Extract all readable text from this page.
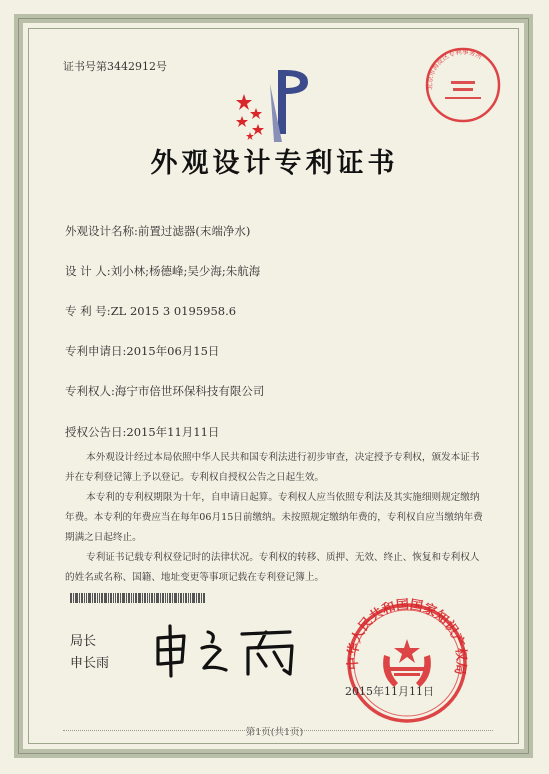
证书号第3442912号
外观设计专利证书
外观设计名称:前置过滤器(末端净水)
设 计 人:刘小林;杨德峰;吴少海;朱航海
专 利 号:ZL 2015 3 0195958.6
专利申请日:2015年06月15日
专利权人:海宁市倍世环保科技有限公司
授权公告日:2015年11月11日

本外观设计经过本局依照中华人民共和国专利法进行初步审查，决定授予专利权，颁发本证书并在专利登记簿上予以登记。专利权自授权公告之日起生效。

本专利的专利权期限为十年，自申请日起算。专利权人应当依照专利法及其实施细则规定缴纳年费。本专利的年费应当在每年06月15日前缴纳。未按照规定缴纳年费的，专利权自应当缴纳年费期满之日起终止。

专利证书记载专利权登记时的法律状况。专利权的转移、质押、无效、终止、恢复和专利权人的姓名或名称、国籍、地址变更等事项记载在专利登记簿上。

局长
申长雨	中华人民共和国国家知识产权局
2015年11月11日
北京市海淀区专利事务所
第1页(共1页)
